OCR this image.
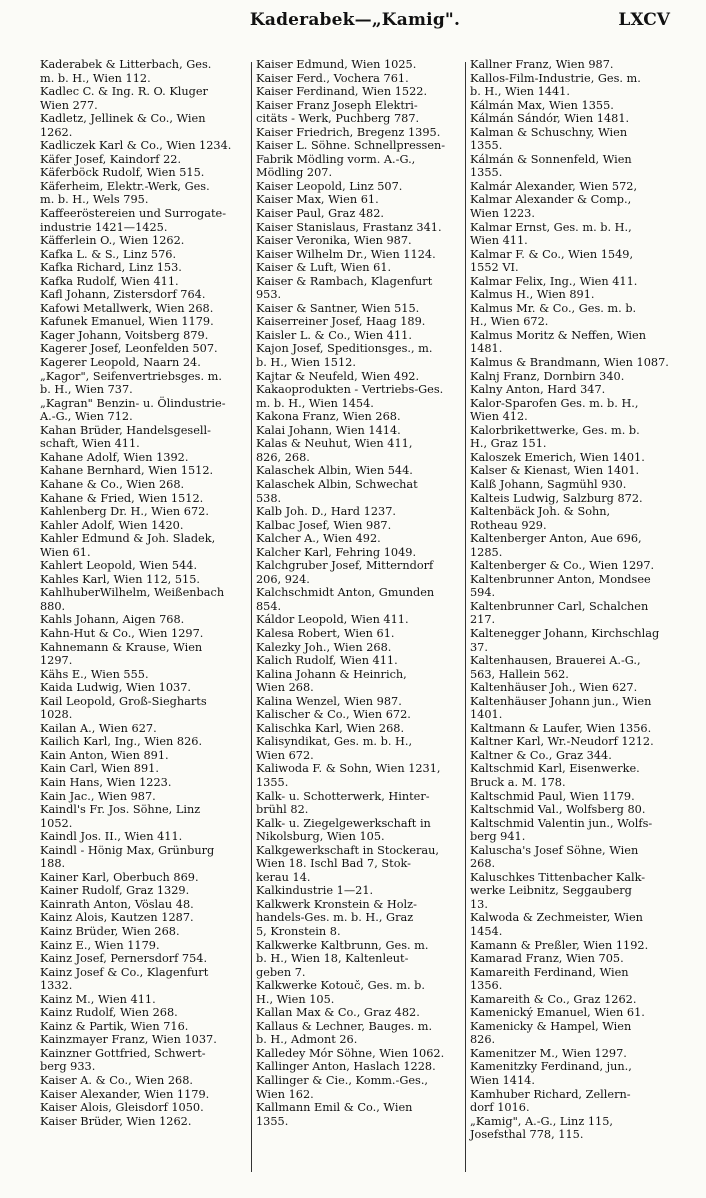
Kaderabek—„Kamig".	LXCV
Kaderabek & Litterbach, Ges.
m. b. H., Wien 112.
Kadlec C. & Ing. R. O. Kluger
Wien 277.
Kadletz, Jellinek & Co., Wien
1262.
Kadliczek Karl & Co., Wien 1234.
Käfer Josef, Kaindorf 22.
Käferböck Rudolf, Wien 515.
Käferheim, Elektr.-Werk, Ges.
m. b. H., Wels 795.
Kaffeeröstereien und Surrogate-
industrie 1421—1425.
Käfferlein O., Wien 1262.
Kafka L. & S., Linz 576.
Kafka Richard, Linz 153.
Kafka Rudolf, Wien 411.
Kafl Johann, Zistersdorf 764.
Kafowi Metallwerk, Wien 268.
Kafunek Emanuel, Wien 1179.
Kager Johann, Voitsberg 879.
Kagerer Josef, Leonfelden 507.
Kagerer Leopold, Naarn 24.
„Kagor", Seifenvertriebsges. m.
b. H., Wien 737.
„Kagran" Benzin- u. Ölindustrie-
A.-G., Wien 712.
Kahan Brüder, Handelsgesell-
schaft, Wien 411.
Kahane Adolf, Wien 1392.
Kahane Bernhard, Wien 1512.
Kahane & Co., Wien 268.
Kahane & Fried, Wien 1512.
Kahlenberg Dr. H., Wien 672.
Kahler Adolf, Wien 1420.
Kahler Edmund & Joh. Sladek,
Wien 61.
Kahlert Leopold, Wien 544.
Kahles Karl, Wien 112, 515.
KahlhuberWilhelm, Weißenbach
880.
Kahls Johann, Aigen 768.
Kahn-Hut & Co., Wien 1297.
Kahnemann & Krause, Wien
1297.
Kähs E., Wien 555.
Kaida Ludwig, Wien 1037.
Kail Leopold, Groß-Siegharts
1028.
Kailan A., Wien 627.
Kailich Karl, Ing., Wien 826.
Kain Anton, Wien 891.
Kain Carl, Wien 891.
Kain Hans, Wien 1223.
Kain Jac., Wien 987.
Kaindl's Fr. Jos. Söhne, Linz
1052.
Kaindl Jos. II., Wien 411.
Kaindl - Hönig Max, Grünburg
188.
Kainer Karl, Oberbuch 869.
Kainer Rudolf, Graz 1329.
Kainrath Anton, Vöslau 48.
Kainz Alois, Kautzen 1287.
Kainz Brüder, Wien 268.
Kainz E., Wien 1179.
Kainz Josef, Pernersdorf 754.
Kainz Josef & Co., Klagenfurt
1332.
Kainz M., Wien 411.
Kainz Rudolf, Wien 268.
Kainz & Partik, Wien 716.
Kainzmayer Franz, Wien 1037.
Kainzner Gottfried, Schwert-
berg 933.
Kaiser A. & Co., Wien 268.
Kaiser Alexander, Wien 1179.
Kaiser Alois, Gleisdorf 1050.
Kaiser Brüder, Wien 1262.
Kaiser Edmund, Wien 1025.
Kaiser Ferd., Vochera 761.
Kaiser Ferdinand, Wien 1522.
Kaiser Franz Joseph Elektri-
citäts - Werk, Puchberg 787.
Kaiser Friedrich, Bregenz 1395.
Kaiser L. Söhne. Schnellpressen-
Fabrik Mödling vorm. A.-G.,
Mödling 207.
Kaiser Leopold, Linz 507.
Kaiser Max, Wien 61.
Kaiser Paul, Graz 482.
Kaiser Stanislaus, Frastanz 341.
Kaiser Veronika, Wien 987.
Kaiser Wilhelm Dr., Wien 1124.
Kaiser & Luft, Wien 61.
Kaiser & Rambach, Klagenfurt
953.
Kaiser & Santner, Wien 515.
Kaiserreiner Josef, Haag 189.
Kaisler L. & Co., Wien 411.
Kajon Josef, Speditionsges., m.
b. H., Wien 1512.
Kajtar & Neufeld, Wien 492.
Kakaoprodukten - Vertriebs-Ges.
m. b. H., Wien 1454.
Kakona Franz, Wien 268.
Kalai Johann, Wien 1414.
Kalas & Neuhut, Wien 411,
826, 268.
Kalaschek Albin, Wien 544.
Kalaschek Albin, Schwechat
538.
Kalb Joh. D., Hard 1237.
Kalbac Josef, Wien 987.
Kalcher A., Wien 492.
Kalcher Karl, Fehring 1049.
Kalchgruber Josef, Mitterndorf
206, 924.
Kalchschmidt Anton, Gmunden
854.
Káldor Leopold, Wien 411.
Kalesa Robert, Wien 61.
Kalezky Joh., Wien 268.
Kalich Rudolf, Wien 411.
Kalina Johann & Heinrich,
Wien 268.
Kalina Wenzel, Wien 987.
Kalischer & Co., Wien 672.
Kalischka Karl, Wien 268.
Kalisyndikat, Ges. m. b. H.,
Wien 672.
Kaliwoda F. & Sohn, Wien 1231,
1355.
Kalk- u. Schotterwerk, Hinter-
brühl 82.
Kalk- u. Ziegelgewerkschaft in
Nikolsburg, Wien 105.
Kalkgewerkschaft in Stockerau,
Wien 18. Ischl Bad 7, Stok-
kerau 14.
Kalkindustrie 1—21.
Kalkwerk Kronstein & Holz-
handels-Ges. m. b. H., Graz
5, Kronstein 8.
Kalkwerke Kaltbrunn, Ges. m.
b. H., Wien 18, Kaltenleut-
geben 7.
Kalkwerke Kotouč, Ges. m. b.
H., Wien 105.
Kallan Max & Co., Graz 482.
Kallaus & Lechner, Bauges. m.
b. H., Admont 26.
Kalledey Mór Söhne, Wien 1062.
Kallinger Anton, Haslach 1228.
Kallinger & Cie., Komm.-Ges.,
Wien 162.
Kallmann Emil & Co., Wien
1355.
Kallner Franz, Wien 987.
Kallos-Film-Industrie, Ges. m.
b. H., Wien 1441.
Kálmán Max, Wien 1355.
Kálmán Sándór, Wien 1481.
Kalman & Schuschny, Wien
1355.
Kálmán & Sonnenfeld, Wien
1355.
Kalmár Alexander, Wien 572,
Kalmar Alexander & Comp.,
Wien 1223.
Kalmar Ernst, Ges. m. b. H.,
Wien 411.
Kalmar F. & Co., Wien 1549,
1552 VI.
Kalmar Felix, Ing., Wien 411.
Kalmus H., Wien 891.
Kalmus Mr. & Co., Ges. m. b.
H., Wien 672.
Kalmus Moritz & Neffen, Wien
1481.
Kalmus & Brandmann, Wien 1087.
Kalnj Franz, Dornbirn 340.
Kalny Anton, Hard 347.
Kalor-Sparofen Ges. m. b. H.,
Wien 412.
Kalorbrikettwerke, Ges. m. b.
H., Graz 151.
Kaloszek Emerich, Wien 1401.
Kalser & Kienast, Wien 1401.
Kalß Johann, Sagmühl 930.
Kalteis Ludwig, Salzburg 872.
Kaltenbäck Joh. & Sohn,
Rotheau 929.
Kaltenberger Anton, Aue 696,
1285.
Kaltenberger & Co., Wien 1297.
Kaltenbrunner Anton, Mondsee
594.
Kaltenbrunner Carl, Schalchen
217.
Kaltenegger Johann, Kirchschlag
37.
Kaltenhausen, Brauerei A.-G.,
563, Hallein 562.
Kaltenhäuser Joh., Wien 627.
Kaltenhäuser Johann jun., Wien
1401.
Kaltmann & Laufer, Wien 1356.
Kaltner Karl, Wr.-Neudorf 1212.
Kaltner & Co., Graz 344.
Kaltschmid Karl, Eisenwerke.
Bruck a. M. 178.
Kaltschmid Paul, Wien 1179.
Kaltschmid Val., Wolfsberg 80.
Kaltschmid Valentin jun., Wolfs-
berg 941.
Kaluscha's Josef Söhne, Wien
268.
Kaluschkes Tittenbacher Kalk-
werke Leibnitz, Seggauberg
13.
Kalwoda & Zechmeister, Wien
1454.
Kamann & Preßler, Wien 1192.
Kamarad Franz, Wien 705.
Kamareith Ferdinand, Wien
1356.
Kamareith & Co., Graz 1262.
Kamenický Emanuel, Wien 61.
Kamenicky & Hampel, Wien
826.
Kamenitzer M., Wien 1297.
Kamenitzky Ferdinand, jun.,
Wien 1414.
Kamhuber Richard, Zellern-
dorf 1016.
„Kamig", A.-G., Linz 115,
Josefsthal 778, 115.
